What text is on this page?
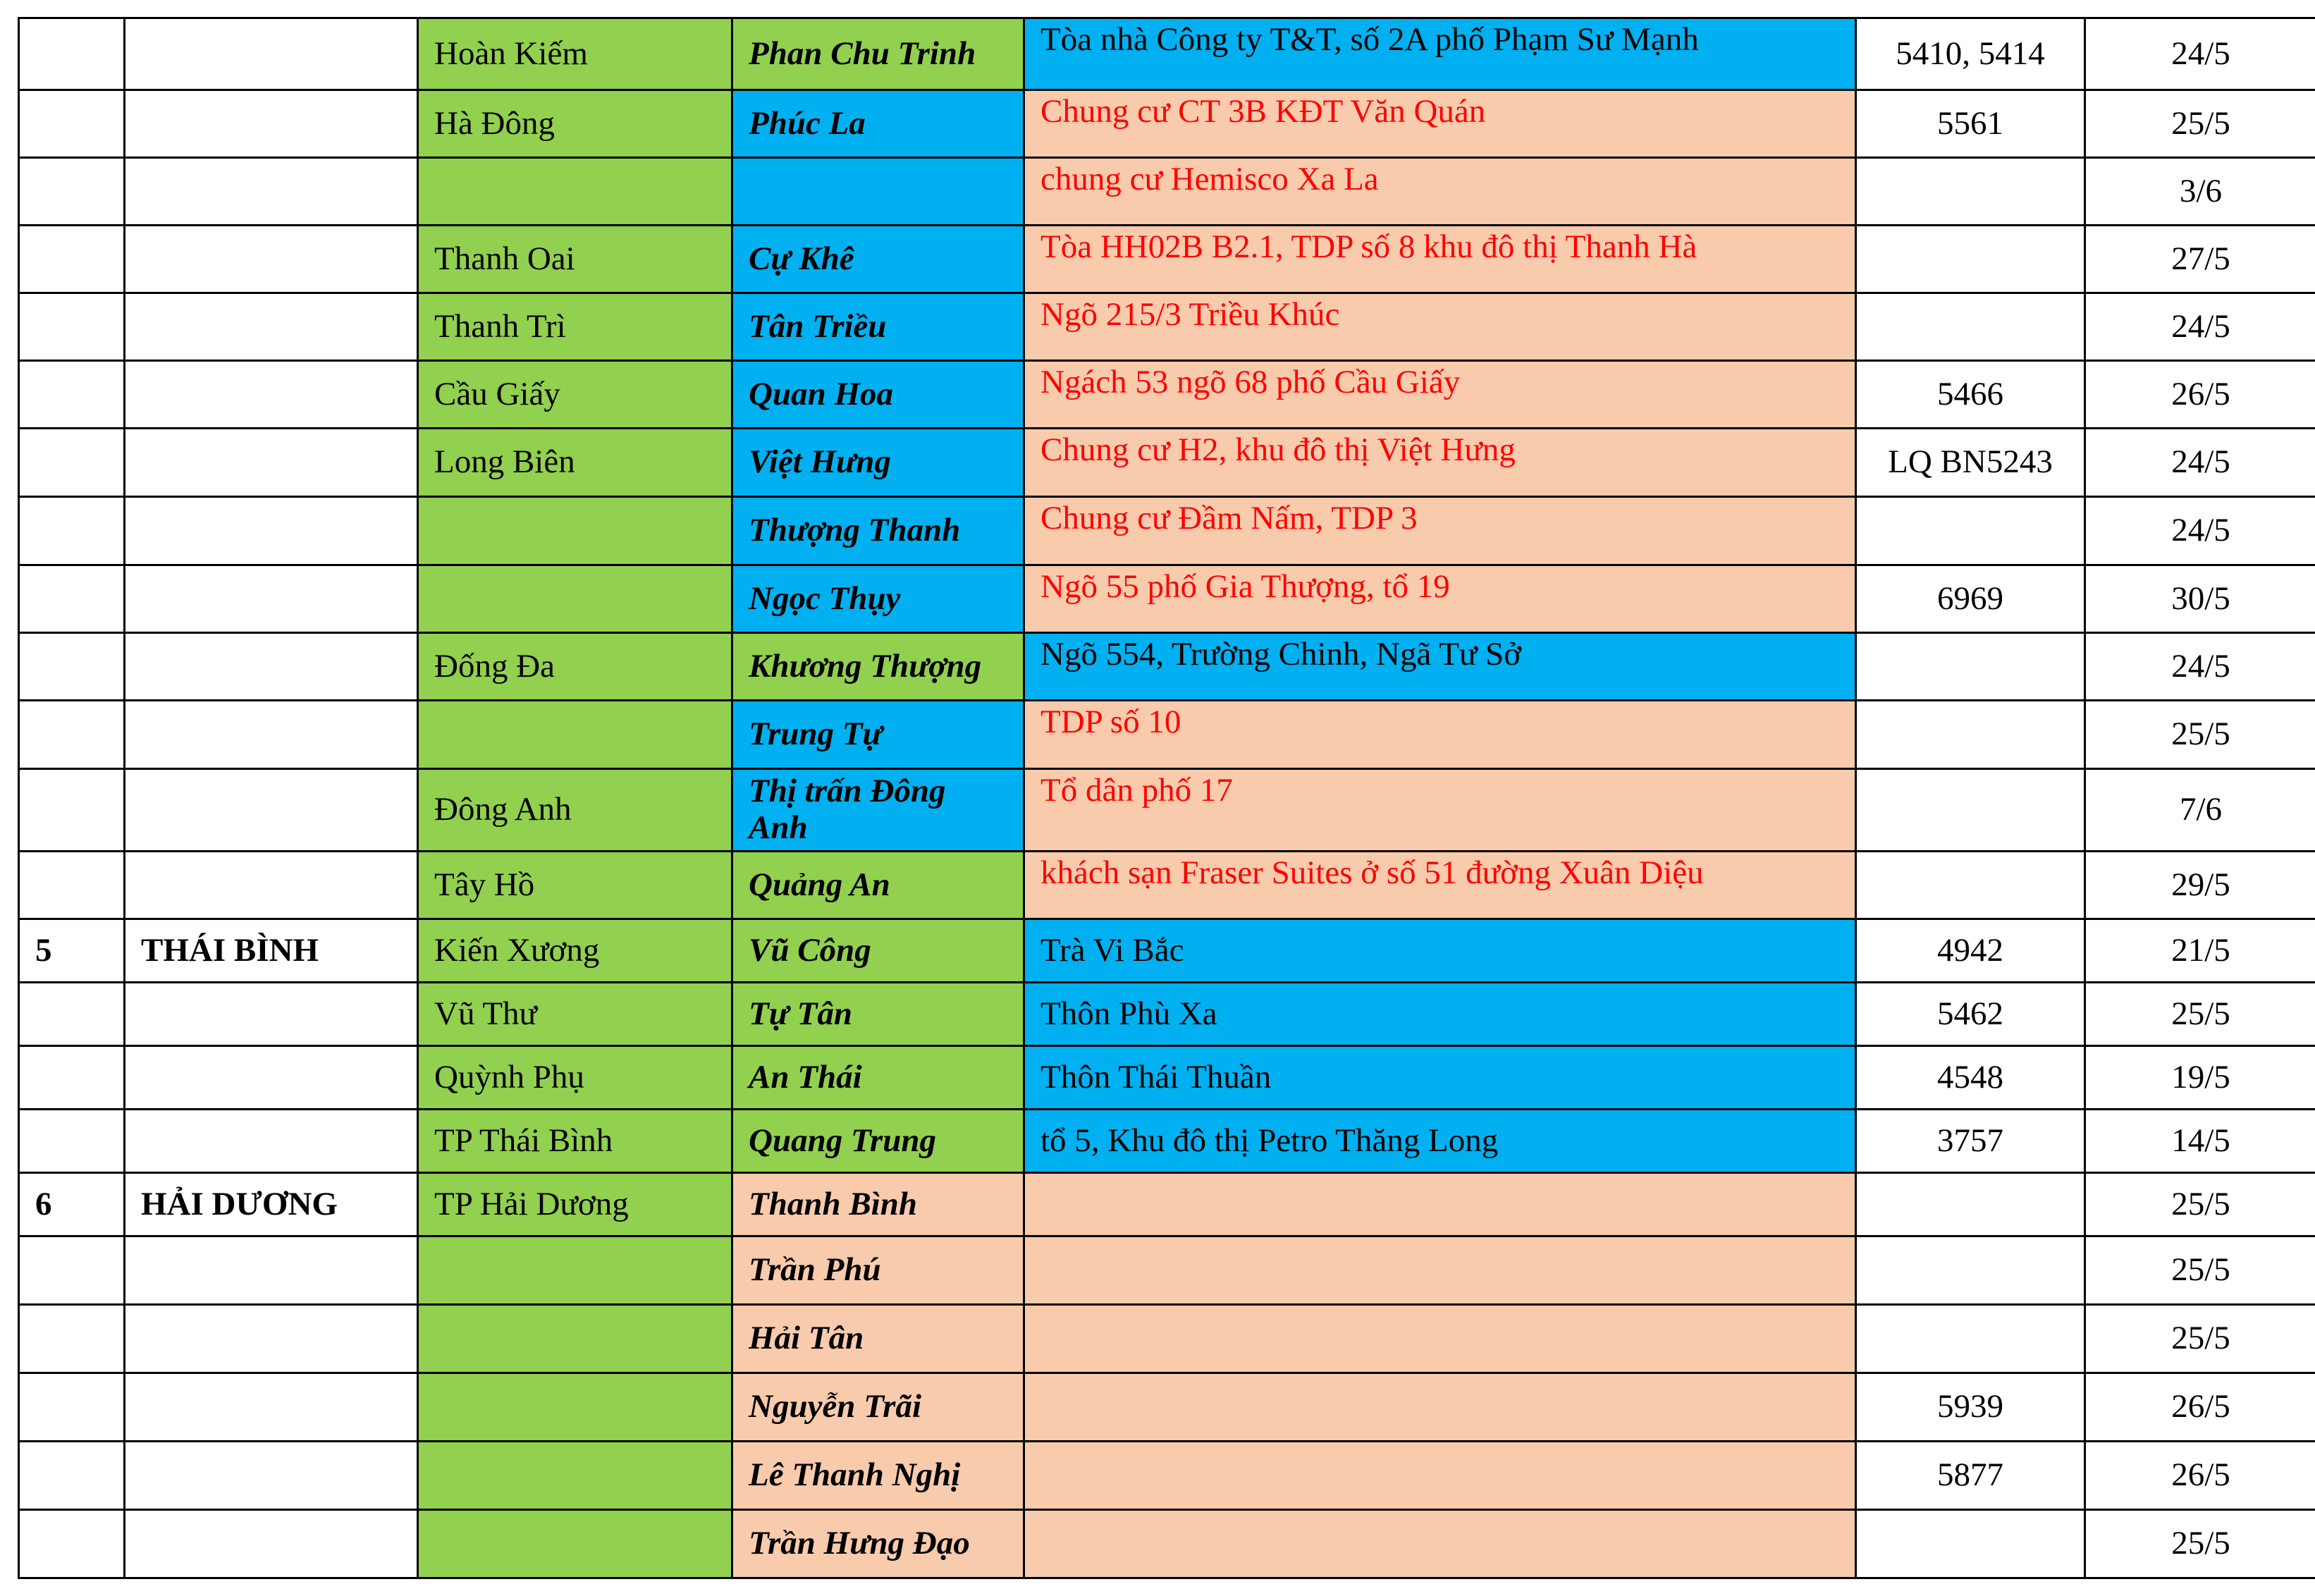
		Hoàn Kiếm	Phan Chu Trinh	Tòa nhà Công ty T&T, số 2A phố Phạm Sư Mạnh	5410, 5414	24/5
		Hà Đông	Phúc La	Chung cư CT 3B KĐT Văn Quán	5561	25/5
				chung cư Hemisco Xa La		3/6
		Thanh Oai	Cự Khê	Tòa HH02B B2.1, TDP số 8 khu đô thị Thanh Hà		27/5
		Thanh Trì	Tân Triều	Ngõ 215/3 Triều Khúc		24/5
		Cầu Giấy	Quan Hoa	Ngách 53 ngõ 68 phố Cầu Giấy	5466	26/5
		Long Biên	Việt Hưng	Chung cư H2, khu đô thị Việt Hưng	LQ BN5243	24/5
			Thượng Thanh	Chung cư Đầm Nấm, TDP 3		24/5
			Ngọc Thụy	Ngõ 55 phố Gia Thượng, tổ 19	6969	30/5
		Đống Đa	Khương Thượng	Ngõ 554, Trường Chinh, Ngã Tư Sở		24/5
			Trung Tự	TDP số 10		25/5
		Đông Anh	Thị trấn Đông Anh	Tổ dân phố 17		7/6
		Tây Hồ	Quảng An	khách sạn Fraser Suites ở số 51 đường Xuân Diệu		29/5
5	THÁI BÌNH	Kiến Xương	Vũ Công	Trà Vi Bắc	4942	21/5
		Vũ Thư	Tự Tân	Thôn Phù Xa	5462	25/5
		Quỳnh Phụ	An Thái	Thôn Thái Thuần	4548	19/5
		TP Thái Bình	Quang Trung	tổ 5, Khu đô thị Petro Thăng Long	3757	14/5
6	HẢI DƯƠNG	TP Hải Dương	Thanh Bình			25/5
			Trần Phú			25/5
			Hải Tân			25/5
			Nguyễn Trãi		5939	26/5
			Lê Thanh Nghị		5877	26/5
			Trần Hưng Đạo			25/5
